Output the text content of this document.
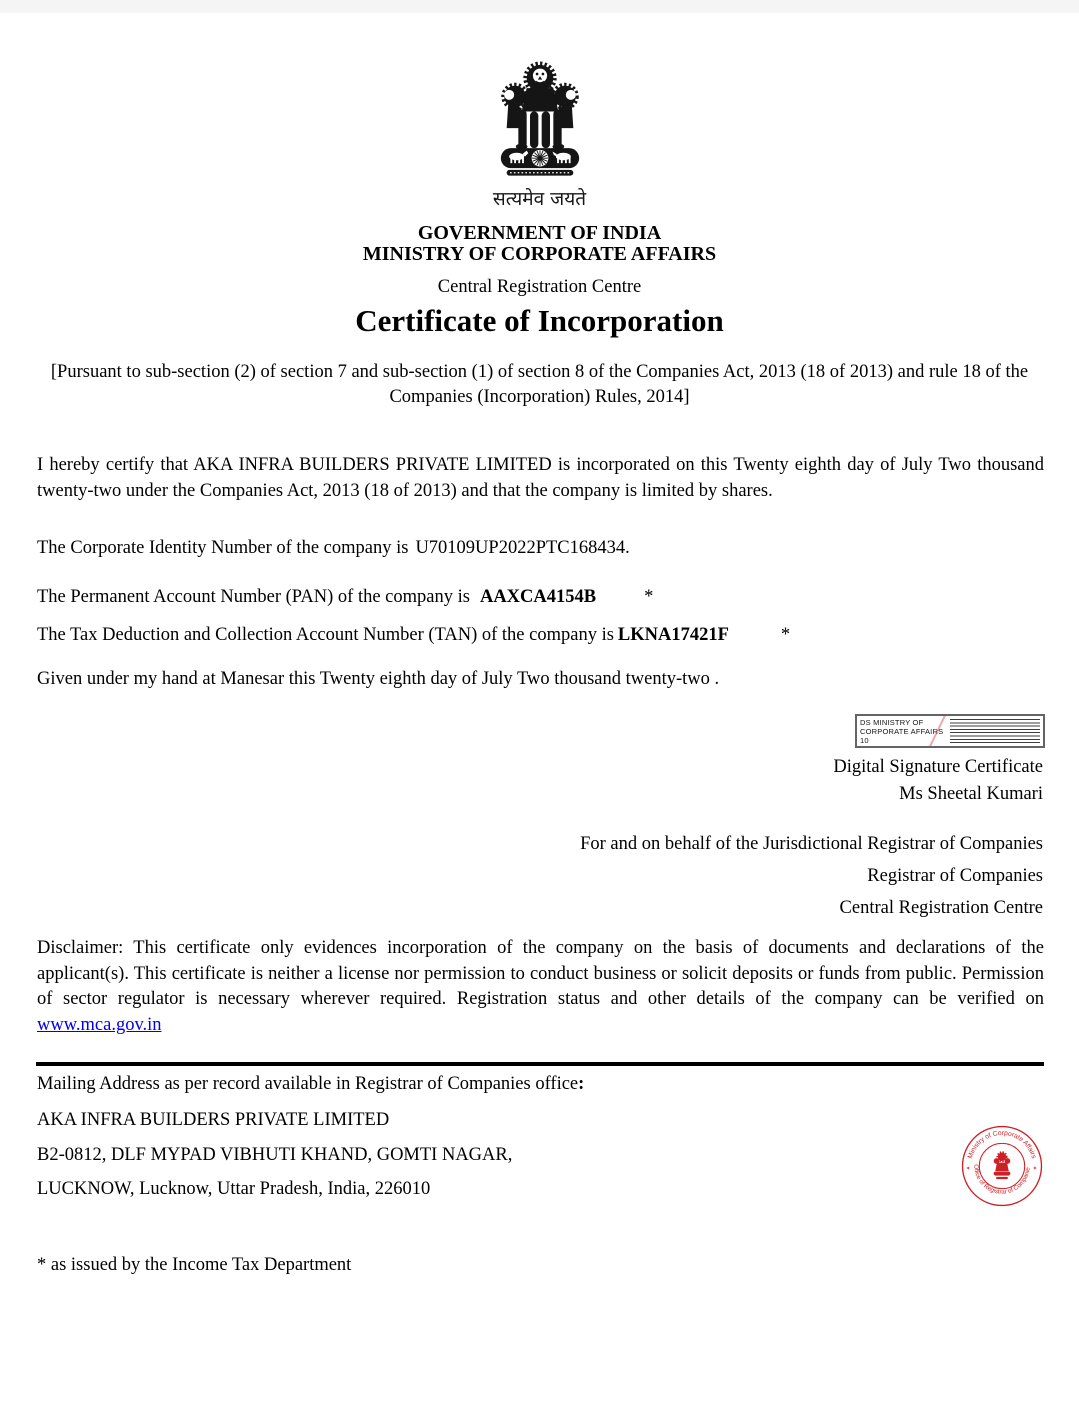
सत्यमेव जयते
GOVERNMENT OF INDIA
MINISTRY OF CORPORATE AFFAIRS
Central Registration Centre
Certificate of Incorporation
[Pursuant to sub-section (2) of section 7 and sub-section (1) of section 8 of the Companies Act, 2013 (18 of 2013) and rule 18 of the Companies (Incorporation) Rules, 2014]
I hereby certify that AKA INFRA BUILDERS PRIVATE LIMITED is incorporated on this Twenty eighth day of July Two thousand twenty-two under the Companies Act, 2013 (18 of 2013) and that the company is limited by shares.
The Corporate Identity Number of the company is U70109UP2022PTC168434.
The Permanent Account Number (PAN) of the company is AAXCA4154B	*
The Tax Deduction and Collection Account Number (TAN) of the company is LKNA17421F	*
Given under my hand at Manesar this Twenty eighth day of July Two thousand twenty-two .
DS MINISTRY OF CORPORATE AFFAIRS 10
Digital Signature Certificate
Ms Sheetal Kumari
For and on behalf of the Jurisdictional Registrar of Companies
Registrar of Companies
Central Registration Centre
Disclaimer: This certificate only evidences incorporation of the company on the basis of documents and declarations of the applicant(s). This certificate is neither a license nor permission to conduct business or solicit deposits or funds from public. Permission of sector regulator is necessary wherever required. Registration status and other details of the company can be verified on www.mca.gov.in
Mailing Address as per record available in Registrar of Companies office:
AKA INFRA BUILDERS PRIVATE LIMITED
B2-0812, DLF MYPAD VIBHUTI KHAND, GOMTI NAGAR,
LUCKNOW, Lucknow, Uttar Pradesh, India, 226010
Ministry of Corporate Affairs
Office of Registrar of Companie
✶	✶
* as issued by the Income Tax Department
